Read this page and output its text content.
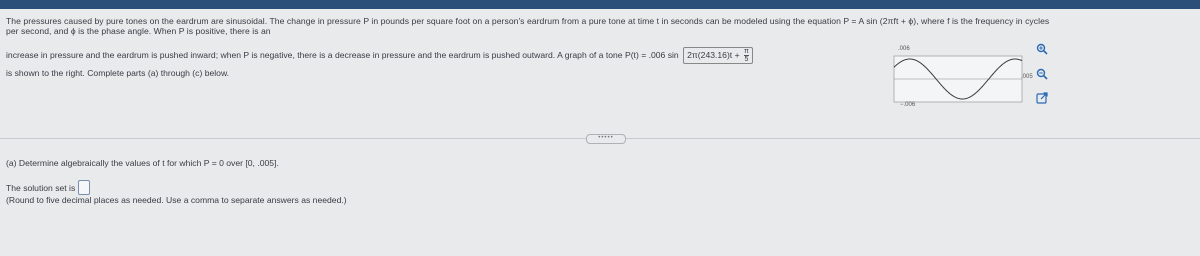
The pressures caused by pure tones on the eardrum are sinusoidal. The change in pressure P in pounds per square foot on a person's eardrum from a pure tone at time t in seconds can be modeled using the equation P = A sin (2πft + ϕ), where f is the frequency in cycles

per second, and ϕ is the phase angle. When P is positive, there is an

increase in pressure and the eardrum is pushed inward; when P is negative, there is a decrease in pressure and the eardrum is pushed outward. A graph of a tone P(t) = .006 $\sin 2\pi(243.16)t + \frac{\pi}{5}$
is shown to the right. Complete parts (a) through (c) below.
.006
−.006
.005
•••••
(a) Determine algebraically the values of t for which P = 0 over [0, .005].
The solution set is
(Round to five decimal places as needed. Use a comma to separate answers as needed.)
